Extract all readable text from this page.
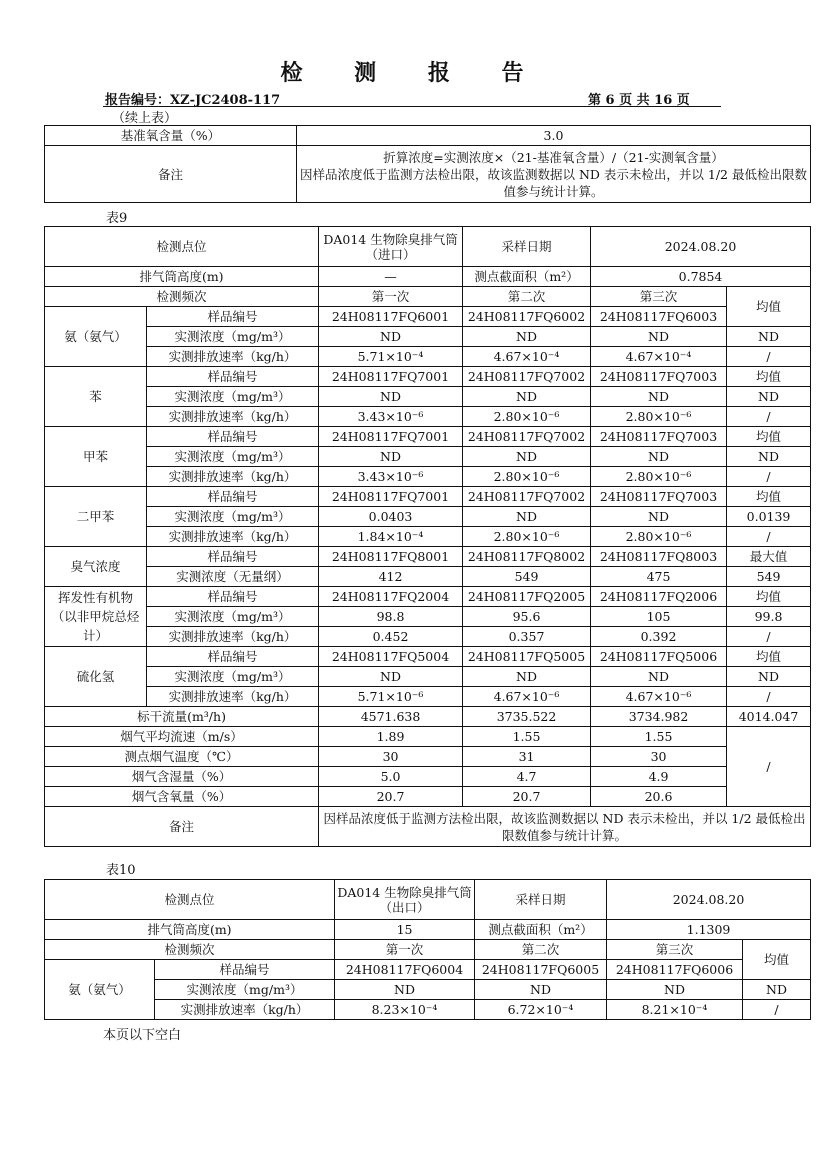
检 测 报 告
报告编号：XZ-JC2408-117	第 6 页 共 16 页
（续上表）
基准氧含量（%）	3.0
备注	折算浓度=实测浓度×（21-基准氧含量）/（21-实测氧含量）
因样品浓度低于监测方法检出限，故该监测数据以 ND 表示未检出，并以 1/2 最低检出限数值参与统计计算。
表9
检测点位		DA014 生物除臭排气筒（进口）	采样日期	2024.08.20	
排气筒高度(m)		—	测点截面积（m²）	0.7854	
检测频次		第一次	第二次	第三次	均值
氨（氨气）	样品编号	24H08117FQ6001	24H08117FQ6002	24H08117FQ6003	
	实测浓度（mg/m³）	ND	ND	ND	ND
	实测排放速率（kg/h）	5.71×10⁻⁴	4.67×10⁻⁴	4.67×10⁻⁴	/
苯	样品编号	24H08117FQ7001	24H08117FQ7002	24H08117FQ7003	均值
	实测浓度（mg/m³）	ND	ND	ND	ND
	实测排放速率（kg/h）	3.43×10⁻⁶	2.80×10⁻⁶	2.80×10⁻⁶	/
甲苯	样品编号	24H08117FQ7001	24H08117FQ7002	24H08117FQ7003	均值
	实测浓度（mg/m³）	ND	ND	ND	ND
	实测排放速率（kg/h）	3.43×10⁻⁶	2.80×10⁻⁶	2.80×10⁻⁶	/
二甲苯	样品编号	24H08117FQ7001	24H08117FQ7002	24H08117FQ7003	均值
	实测浓度（mg/m³）	0.0403	ND	ND	0.0139
	实测排放速率（kg/h）	1.84×10⁻⁴	2.80×10⁻⁶	2.80×10⁻⁶	/
臭气浓度	样品编号	24H08117FQ8001	24H08117FQ8002	24H08117FQ8003	最大值
	实测浓度（无量纲）	412	549	475	549
挥发性有机物（以非甲烷总烃计）	样品编号	24H08117FQ2004	24H08117FQ2005	24H08117FQ2006	均值
	实测浓度（mg/m³）	98.8	95.6	105	99.8
	实测排放速率（kg/h）	0.452	0.357	0.392	/
硫化氢	样品编号	24H08117FQ5004	24H08117FQ5005	24H08117FQ5006	均值
	实测浓度（mg/m³）	ND	ND	ND	ND
	实测排放速率（kg/h）	5.71×10⁻⁶	4.67×10⁻⁶	4.67×10⁻⁶	/
标干流量(m³/h)		4571.638	3735.522	3734.982	4014.047
烟气平均流速（m/s）		1.89	1.55	1.55	/
测点烟气温度（℃）		30	31	30	
烟气含湿量（%）		5.0	4.7	4.9	
烟气含氧量（%）		20.7	20.7	20.6	
备注		因样品浓度低于监测方法检出限，故该监测数据以 ND 表示未检出，并以 1/2 最低检出限数值参与统计计算。			
表10
检测点位		DA014 生物除臭排气筒（出口）	采样日期	2024.08.20	
排气筒高度(m)		15	测点截面积（m²）	1.1309	
检测频次		第一次	第二次	第三次	均值
氨（氨气）	样品编号	24H08117FQ6004	24H08117FQ6005	24H08117FQ6006	
	实测浓度（mg/m³）	ND	ND	ND	ND
	实测排放速率（kg/h）	8.23×10⁻⁴	6.72×10⁻⁴	8.21×10⁻⁴	/
本页以下空白
